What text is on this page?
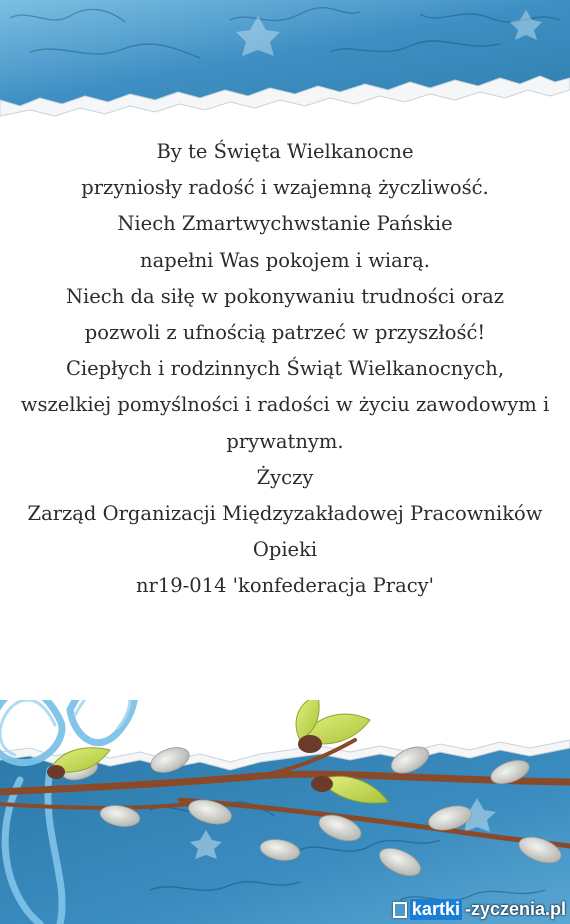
By te Święta Wielkanocne
przyniosły radość i wzajemną życzliwość.
Niech Zmartwychwstanie Pańskie
napełni Was pokojem i wiarą.
Niech da siłę w pokonywaniu trudności oraz
pozwoli z ufnością patrzeć w przyszłość!
Ciepłych i rodzinnych Świąt Wielkanocnych,
wszelkiej pomyślności i radości w życiu zawodowym i
prywatnym.
Życzy
Zarząd Organizacji Międzyzakładowej Pracowników
Opieki
nr19-014 'konfederacja Pracy'
kartki -zyczenia.pl
